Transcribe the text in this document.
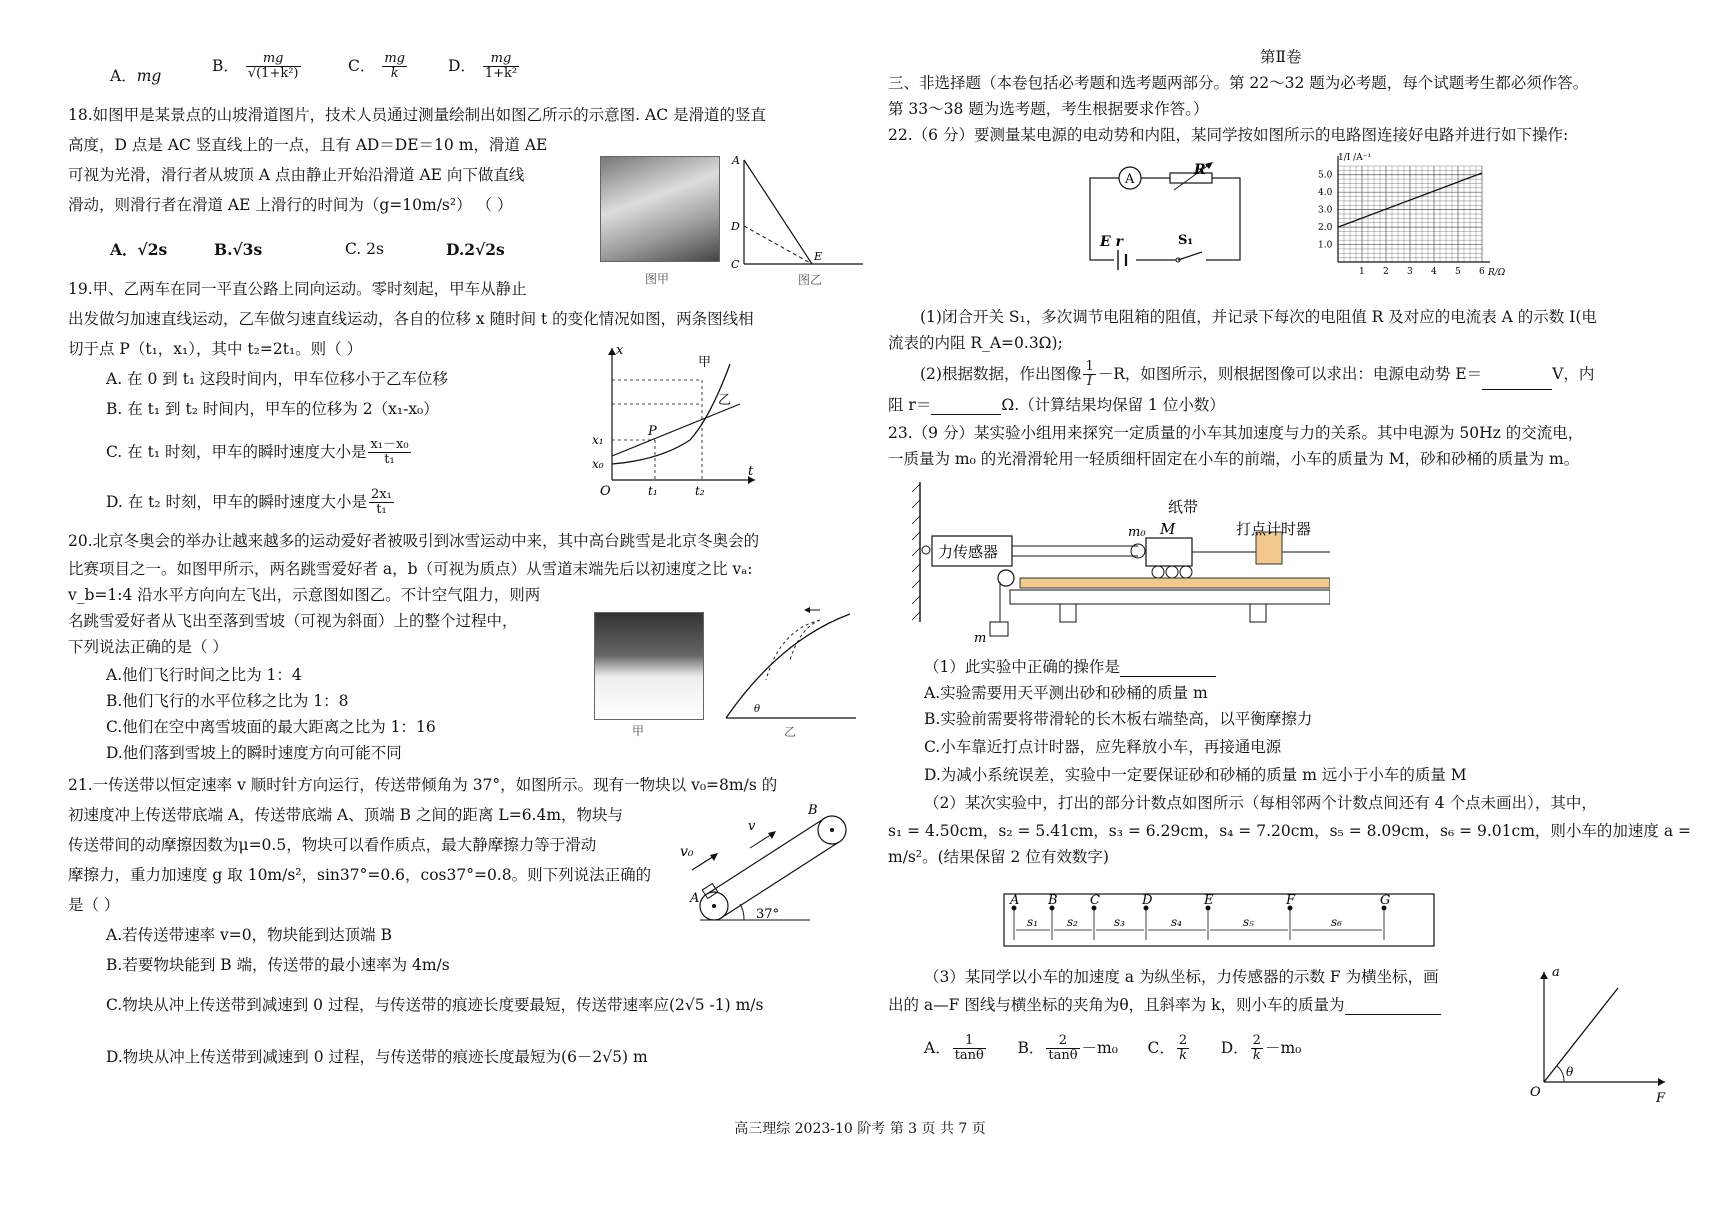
A．mg
B． $\frac{mg}{\text{√(1+k²)}}$	C． $\frac{mg}{k}$	D． $\frac{mg}{\text{1+k²}}$
18.如图甲是某景点的山坡滑道图片，技术人员通过测量绘制出如图乙所示的示意图. AC 是滑道的竖直
高度，D 点是 AC 竖直线上的一点，且有 AD＝DE＝10 m，滑道 AE
可视为光滑，滑行者从坡顶 A 点由静止开始沿滑道 AE 向下做直线
滑动，则滑行者在滑道 AE 上滑行的时间为（g=10m/s²） （ ）
A．√2s	B.√3s	C. 2s	D.2√2s
图甲
A
D
C
E
图乙
19.甲、乙两车在同一平直公路上同向运动。零时刻起，甲车从静止
出发做匀加速直线运动，乙车做匀速直线运动，各自的位移 x 随时间 t 的变化情况如图，两条图线相
切于点 P（t₁，x₁），其中 t₂=2t₁。则（ ）
A. 在 0 到 t₁ 这段时间内，甲车位移小于乙车位移
B. 在 t₁ 到 t₂ 时间内，甲车的位移为 2（x₁-x₀）
C. 在 t₁ 时刻，甲车的瞬时速度大小是 $\frac{\text{x₁－x₀}}{\text{t₁}}$
D. 在 t₂ 时刻，甲车的瞬时速度大小是 $\frac{\text{2x₁}}{\text{t₁}}$
x
t
O
x₁
x₀
t₁	t₂
P
甲
乙
20.北京冬奥会的举办让越来越多的运动爱好者被吸引到冰雪运动中来，其中高台跳雪是北京冬奥会的
比赛项目之一。如图甲所示，两名跳雪爱好者 a，b（可视为质点）从雪道末端先后以初速度之比 vₐ:
v_b=1:4 沿水平方向向左飞出，示意图如图乙。不计空气阻力，则两
名跳雪爱好者从飞出至落到雪坡（可视为斜面）上的整个过程中，
下列说法正确的是（ ）
A.他们飞行时间之比为 1：4
B.他们飞行的水平位移之比为 1：8
C.他们在空中离雪坡面的最大距离之比为 1：16
D.他们落到雪坡上的瞬时速度方向可能不同
甲
θ
乙
21.一传送带以恒定速率 v 顺时针方向运行，传送带倾角为 37°，如图所示。现有一物块以 v₀=8m/s 的
初速度冲上传送带底端 A，传送带底端 A、顶端 B 之间的距离 L=6.4m，物块与
传送带间的动摩擦因数为μ=0.5，物块可以看作质点，最大静摩擦力等于滑动
摩擦力，重力加速度 g 取 10m/s²，sin37°=0.6，cos37°=0.8。则下列说法正确的
是（ ）
A.若传送带速率 v=0，物块能到达顶端 B
B.若要物块能到 B 端，传送带的最小速率为 4m/s
C.物块从冲上传送带到减速到 0 过程，与传送带的痕迹长度要最短，传送带速率应(2√5 -1) m/s
D.物块从冲上传送带到减速到 0 过程，与传送带的痕迹长度最短为(6－2√5) m
v₀
v
A
B
37°
第Ⅱ卷
三、非选择题（本卷包括必考题和选考题两部分。第 22～32 题为必考题，每个试题考生都必须作答。
第 33～38 题为选考题，考生根据要求作答。）
22.（6 分）要测量某电源的电动势和内阻，某同学按如图所示的电路图连接好电路并进行如下操作:
A
R
E r	S₁	1.0
2.0
3.0
4.0
5.0
1 2 3 4 5 6
1/I /A⁻¹
R/Ω
(1)闭合开关 S₁，多次调节电阻箱的阻值，并记录下每次的电阻值 R 及对应的电流表 A 的示数 I(电
流表的内阻 R_A=0.3Ω);
(2)根据数据，作出图像 $\frac{1}{I} -R$，如图所示，则根据图像可以求出：电源电动势 E＝	V，内
阻 r＝	Ω.（计算结果均保留 1 位小数）
23.（9 分）某实验小组用来探究一定质量的小车其加速度与力的关系。其中电源为 50Hz 的交流电，
一质量为 m₀ 的光滑滑轮用一轻质细杆固定在小车的前端，小车的质量为 M，砂和砂桶的质量为 m。
力传感器
m
m₀ M
纸带
打点计时器
（1）此实验中正确的操作是
A.实验需要用天平测出砂和砂桶的质量 m
B.实验前需要将带滑轮的长木板右端垫高，以平衡摩擦力
C.小车靠近打点计时器，应先释放小车，再接通电源
D.为减小系统误差，实验中一定要保证砂和砂桶的质量 m 远小于小车的质量 M
（2）某次实验中，打出的部分计数点如图所示（每相邻两个计数点间还有 4 个点未画出），其中，
s₁ = 4.50cm，s₂ = 5.41cm，s₃ = 6.29cm，s₄ = 7.20cm，s₅ = 8.09cm，s₆ = 9.01cm，则小车的加速度 a =
m/s²。(结果保留 2 位有效数字)
A B C	D	E	F	G
s₁ s₂	s₃	s₄	s₅	s₆
（3）某同学以小车的加速度 a 为纵坐标，力传感器的示数 F 为横坐标，画
出的 a—F 图线与横坐标的夹角为θ，且斜率为 k，则小车的质量为
A． $\frac{1}{\tan\theta}$ B． $\frac{2}{\tan\theta} -m_0$ C． $\frac{2}{k}$ D． $\frac{2}{k} -m_0$
a
F
O
θ
高三理综 2023-10 阶考 第 3 页 共 7 页
